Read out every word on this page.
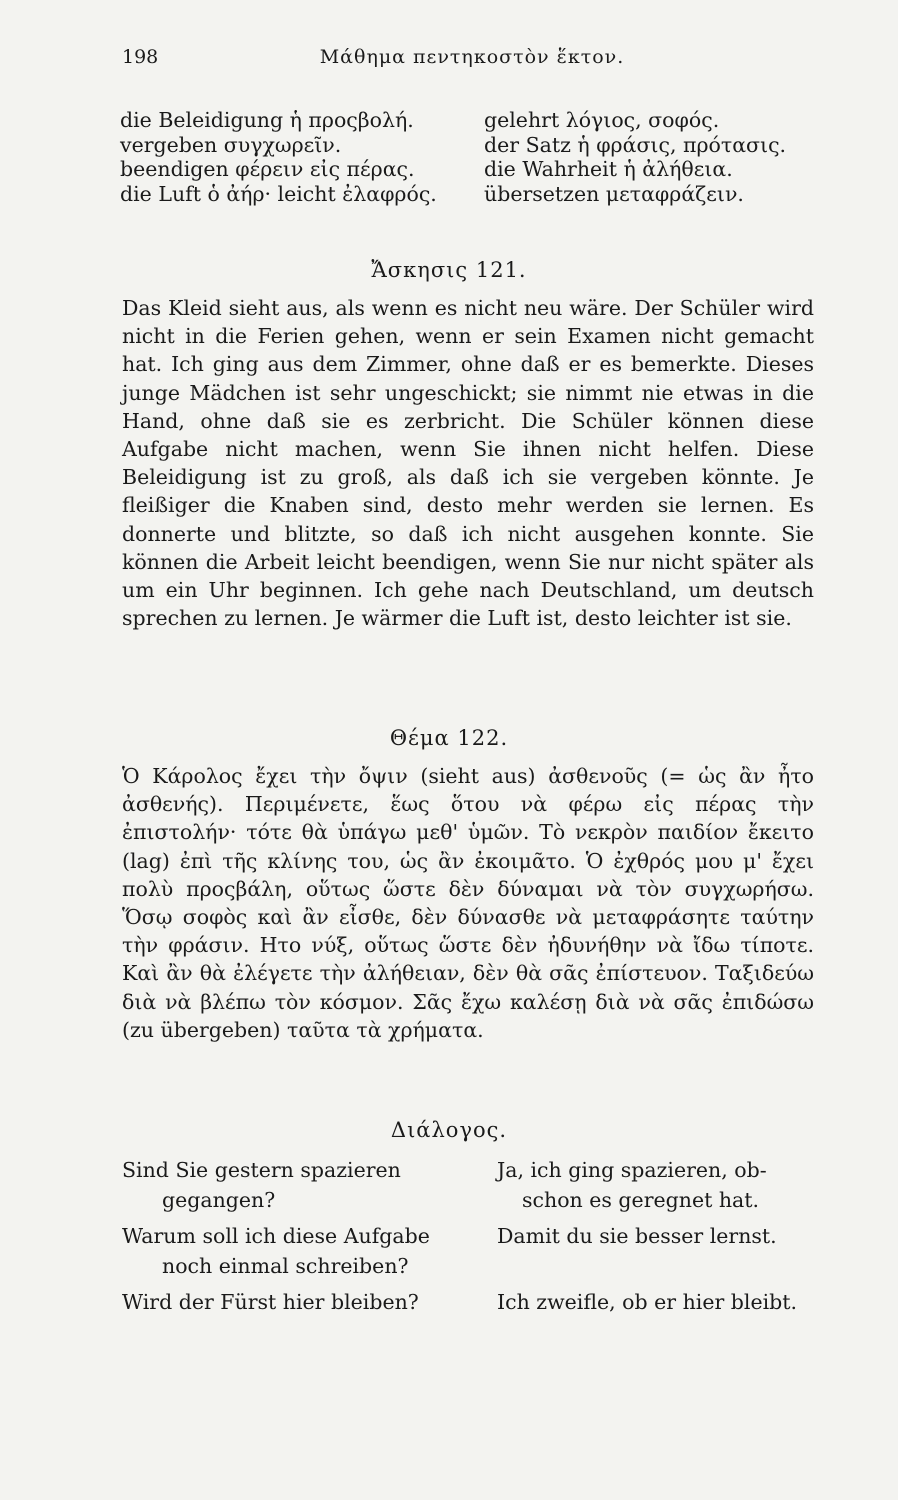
198	Μάθημα πεντηκοστὸν ἕκτον.
die Beleidigung ἡ προςβολή.
vergeben συγχωρεῖν.
beendigen φέρειν εἰς πέρας.
die Luft ὁ ἀήρ· leicht ἐλαφρός.
gelehrt λόγιος, σοφός.
der Satz ἡ φράσις, πρότασις.
die Wahrheit ἡ ἀλήθεια.
übersetzen μεταφράζειν.
Ἄσκησις 121.
Das Kleid sieht aus, als wenn es nicht neu wäre. Der Schüler wird nicht in die Ferien gehen, wenn er sein Examen nicht gemacht hat. Ich ging aus dem Zimmer, ohne daß er es bemerkte. Dieses junge Mädchen ist sehr ungeschickt; sie nimmt nie etwas in die Hand, ohne daß sie es zerbricht. Die Schüler können diese Aufgabe nicht machen, wenn Sie ihnen nicht helfen. Diese Beleidigung ist zu groß, als daß ich sie vergeben könnte. Je fleißiger die Knaben sind, desto mehr werden sie lernen. Es donnerte und blitzte, so daß ich nicht ausgehen konnte. Sie können die Arbeit leicht beendigen, wenn Sie nur nicht später als um ein Uhr beginnen. Ich gehe nach Deutschland, um deutsch sprechen zu lernen. Je wärmer die Luft ist, desto leichter ist sie.
Θέμα 122.
Ὁ Κάρολος ἔχει τὴν ὄψιν (sieht aus) ἀσθενοῦς (= ὡς ἂν ἦτο ἀσθενής). Περιμένετε, ἕως ὅτου νὰ φέρω εἰς πέρας τὴν ἐπιστολήν· τότε θὰ ὑπάγω μεθ' ὑμῶν. Τὸ νεκρὸν παιδίον ἔκειτο (lag) ἐπὶ τῆς κλίνης του, ὡς ἂν ἐκοιμᾶτο. Ὁ ἐχθρός μου μ' ἔχει πολὺ προςβάλη, οὕτως ὥστε δὲν δύναμαι νὰ τὸν συγχωρήσω. Ὅσῳ σοφὸς καὶ ἂν εἶσθε, δὲν δύνασθε νὰ μεταφράσητε ταύτην τὴν φράσιν. Ητο νύξ, οὕτως ὥστε δὲν ἠδυνήθην νὰ ἴδω τίποτε. Καὶ ἂν θὰ ἐλέγετε τὴν ἀλήθειαν, δὲν θὰ σᾶς ἐπίστευον. Ταξιδεύω διὰ νὰ βλέπω τὸν κόσμον. Σᾶς ἔχω καλέσῃ διὰ νὰ σᾶς ἐπιδώσω (zu übergeben) ταῦτα τὰ χρήματα.
Διάλογος.
Sind Sie gestern spazieren
gegangen?
Ja, ich ging spazieren, ob-
schon es geregnet hat.
Warum soll ich diese Aufgabe
noch einmal schreiben?
Damit du sie besser lernst.
Wird der Fürst hier bleiben?	Ich zweifle, ob er hier bleibt.
